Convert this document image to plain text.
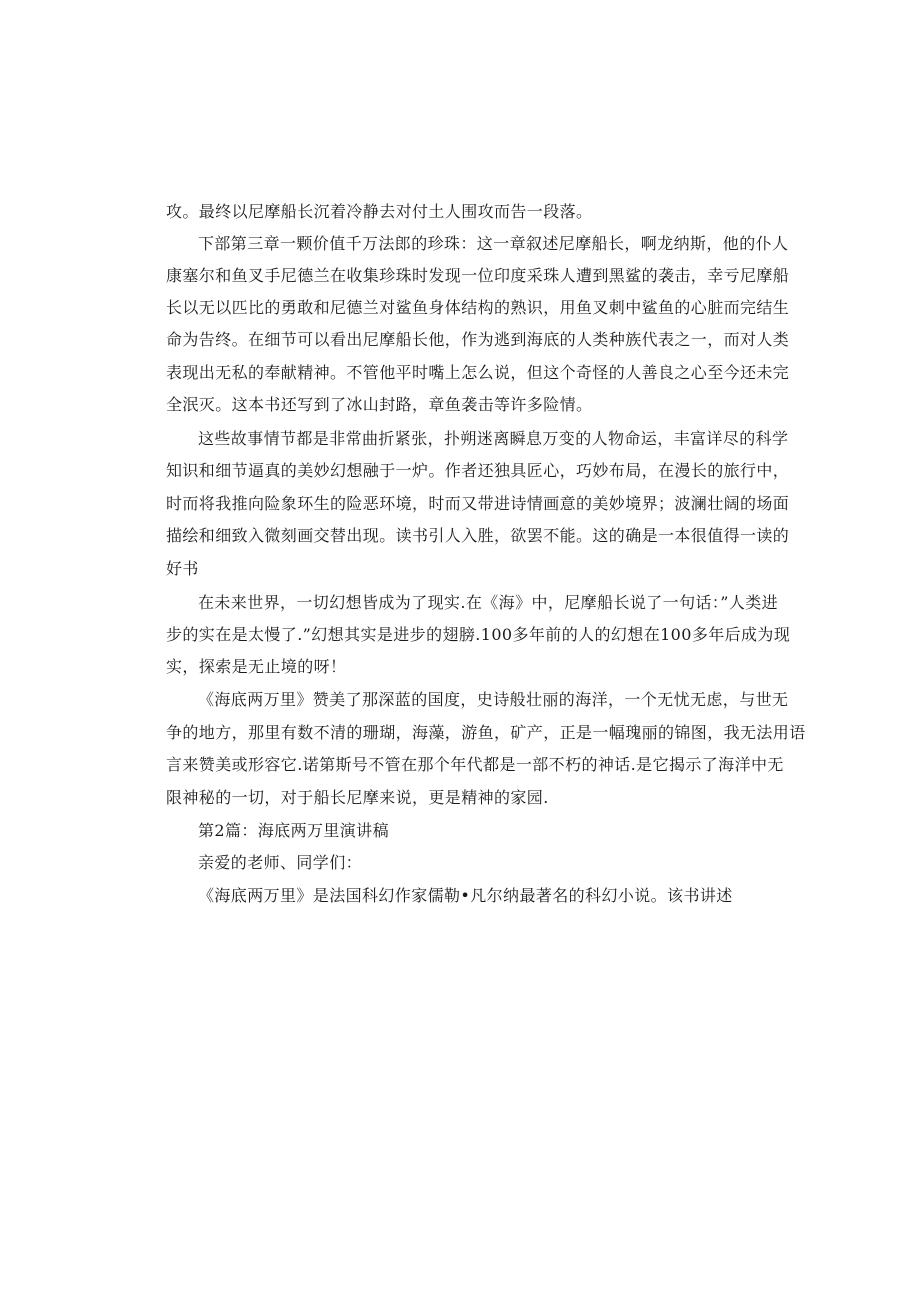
攻。最终以尼摩船长沉着冷静去对付土人围攻而告一段落。
下部第三章一颗价值千万法郎的珍珠：这一章叙述尼摩船长，啊龙纳斯，他的仆人
康塞尔和鱼叉手尼德兰在收集珍珠时发现一位印度采珠人遭到黑鲨的袭击，幸亏尼摩船
长以无以匹比的勇敢和尼德兰对鲨鱼身体结构的熟识，用鱼叉刺中鲨鱼的心脏而完结生
命为告终。在细节可以看出尼摩船长他，作为逃到海底的人类种族代表之一，而对人类
表现出无私的奉献精神。不管他平时嘴上怎么说，但这个奇怪的人善良之心至今还未完
全泯灭。这本书还写到了冰山封路，章鱼袭击等许多险情。
这些故事情节都是非常曲折紧张，扑朔迷离瞬息万变的人物命运，丰富详尽的科学
知识和细节逼真的美妙幻想融于一炉。作者还独具匠心，巧妙布局，在漫长的旅行中，
时而将我推向险象环生的险恶环境，时而又带进诗情画意的美妙境界；波澜壮阔的场面
描绘和细致入微刻画交替出现。读书引人入胜，欲罢不能。这的确是一本很值得一读的
好书
在未来世界，一切幻想皆成为了现实.在《海》中，尼摩船长说了一句话：”人类进
步的实在是太慢了.”幻想其实是进步的翅膀.100多年前的人的幻想在100多年后成为现
实，探索是无止境的呀！
《海底两万里》赞美了那深蓝的国度，史诗般壮丽的海洋，一个无忧无虑，与世无
争的地方，那里有数不清的珊瑚，海藻，游鱼，矿产，正是一幅瑰丽的锦图，我无法用语
言来赞美或形容它.诺第斯号不管在那个年代都是一部不朽的神话.是它揭示了海洋中无
限神秘的一切，对于船长尼摩来说，更是精神的家园.
第2篇：海底两万里演讲稿
亲爱的老师、同学们：
《海底两万里》是法国科幻作家儒勒•凡尔纳最著名的科幻小说。该书讲述
